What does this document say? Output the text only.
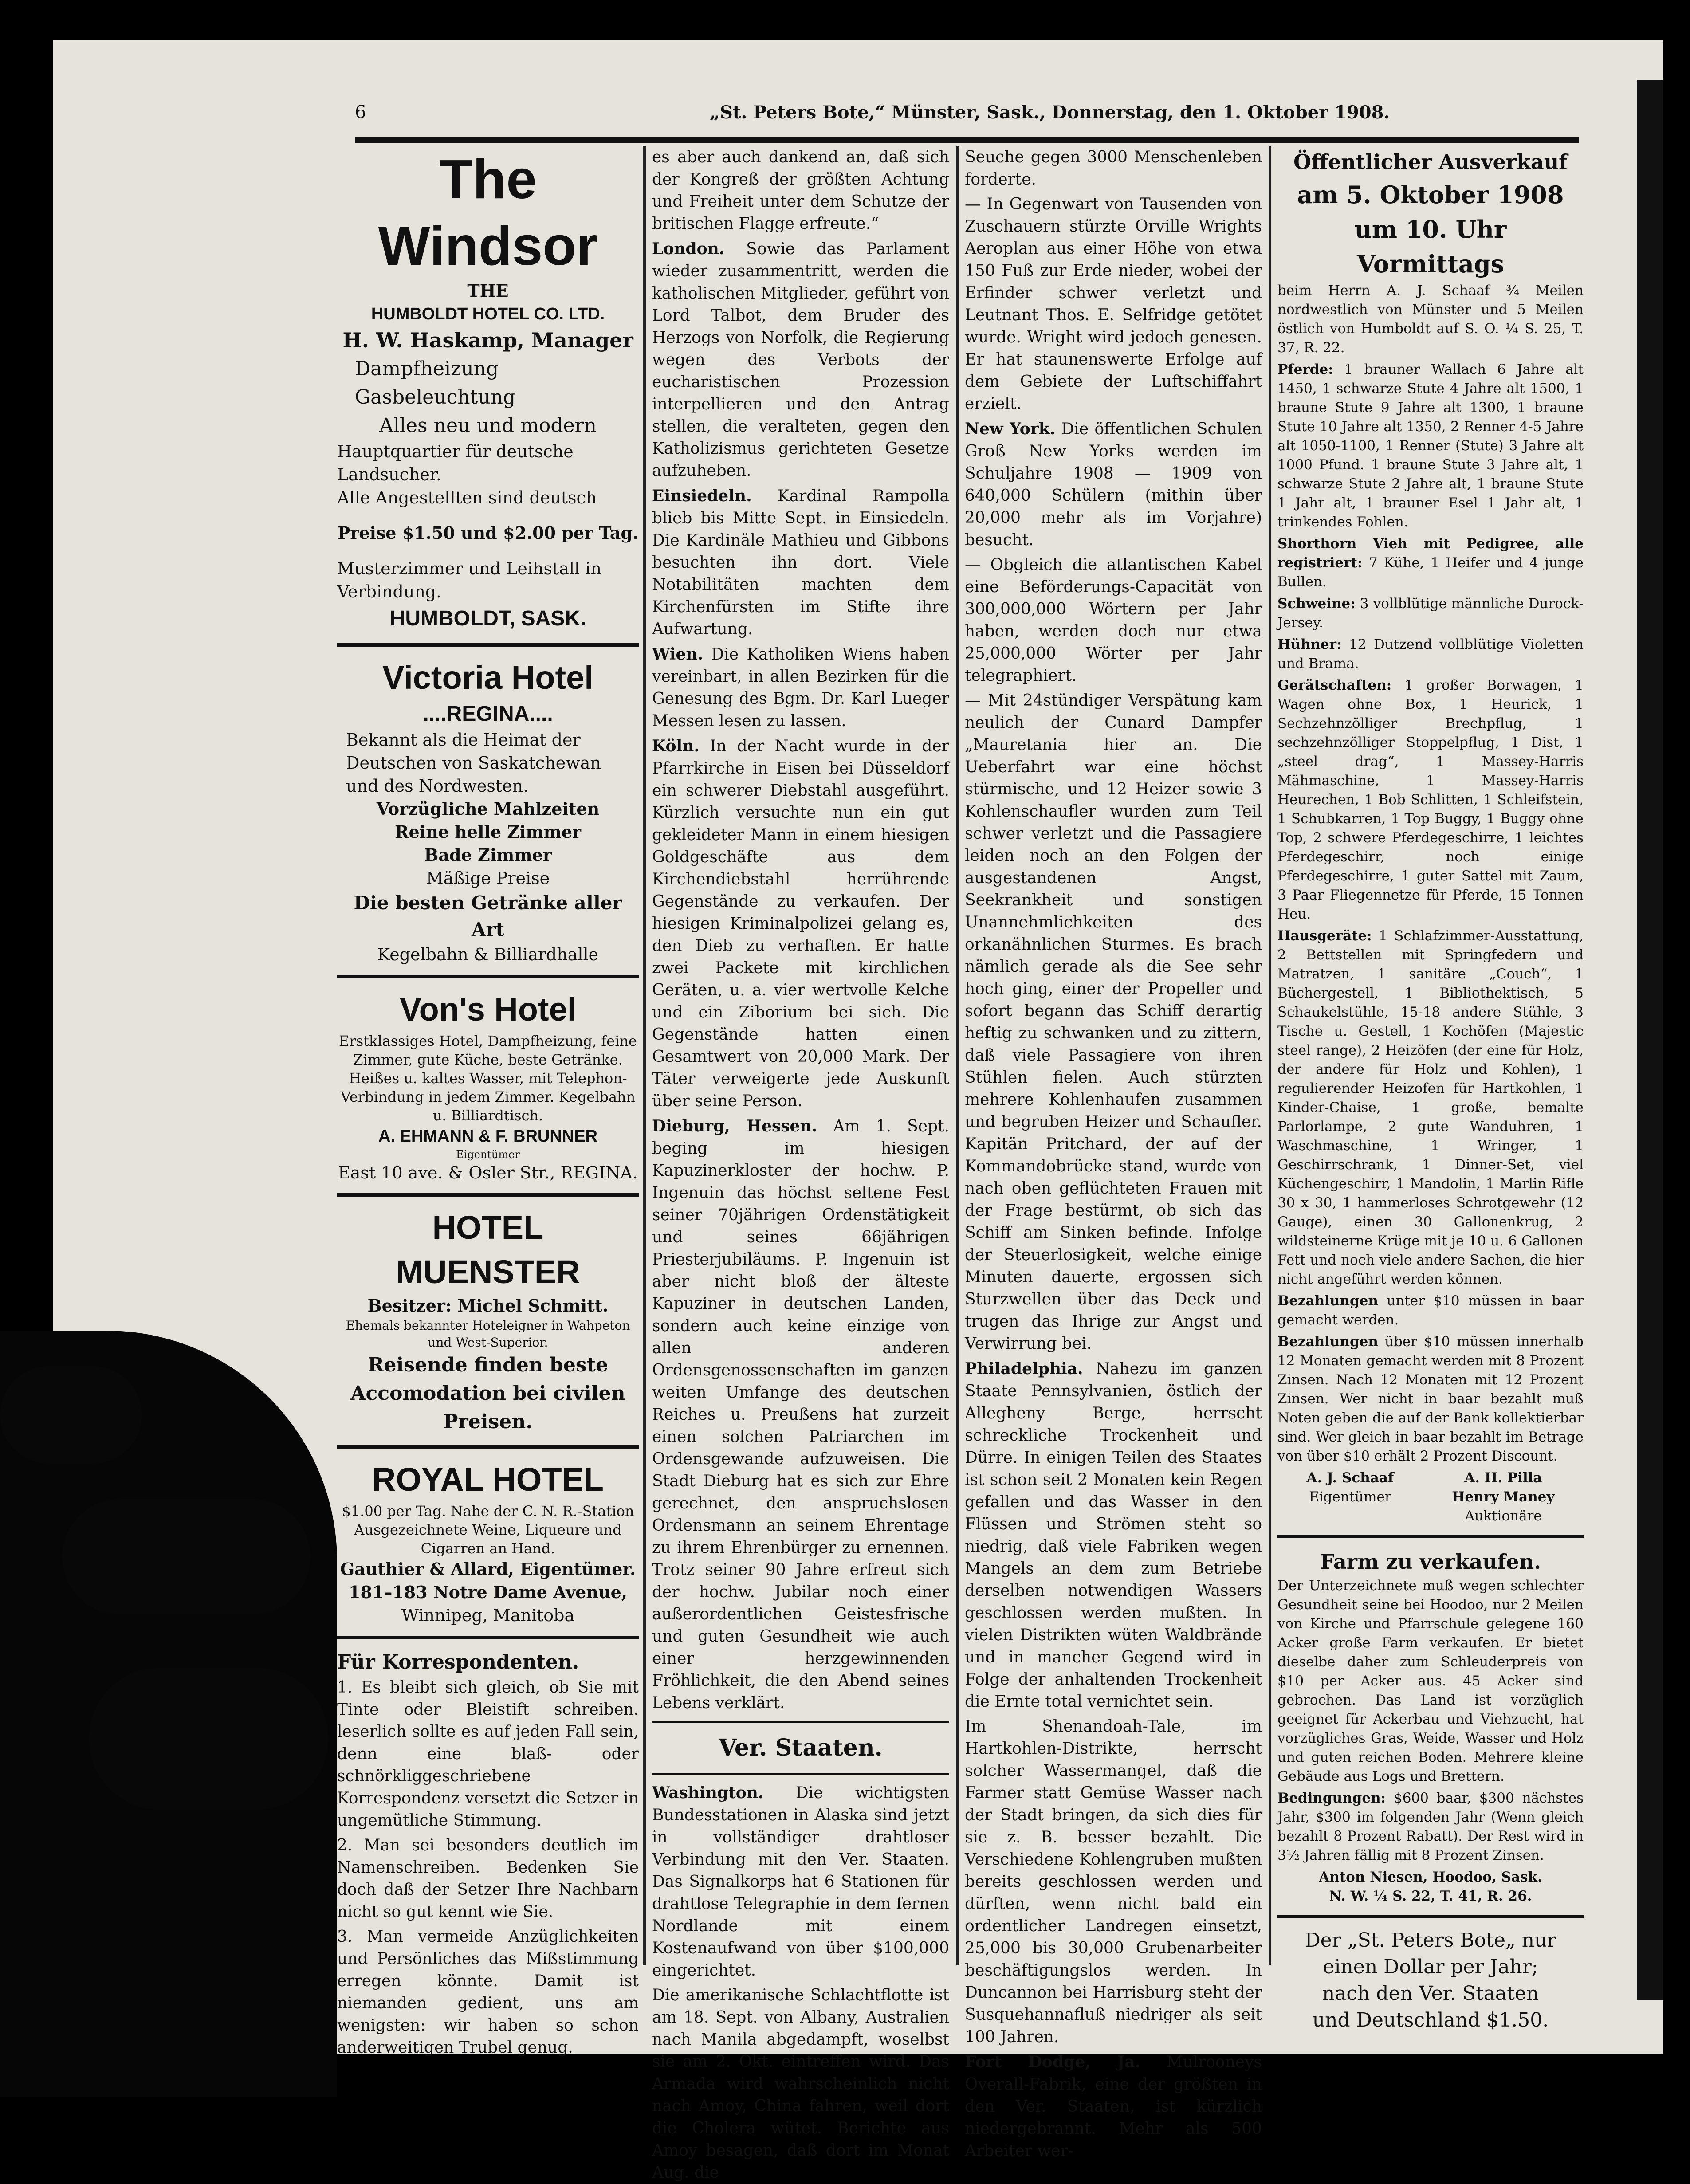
6	„St. Peters Bote,“ Münster, Sask., Donnerstag, den 1. Oktober 1908.
The Windsor
THE
HUMBOLDT HOTEL CO. LTD.
H. W. Haskamp, Manager
Dampfheizung
Gasbeleuchtung
Alles neu und modern
Hauptquartier für deutsche Landsucher.
Alle Angestellten sind deutsch
Preise $1.50 und $2.00 per Tag.
Musterzimmer und Leihstall in Verbindung.
HUMBOLDT, SASK.
Victoria Hotel
....REGINA....
Bekannt als die Heimat der Deutschen von Saskatchewan und des Nordwesten.
Vorzügliche Mahlzeiten
Reine helle Zimmer
Bade Zimmer
Mäßige Preise
Die besten Getränke aller Art
Kegelbahn & Billiardhalle
Von's Hotel
Erstklassiges Hotel, Dampfheizung, feine Zimmer, gute Küche, beste Getränke. Heißes u. kaltes Wasser, mit Telephon-Verbindung in jedem Zimmer. Kegelbahn u. Billiardtisch.
A. EHMANN & F. BRUNNER
Eigentümer
East 10 ave. & Osler Str., REGINA.
HOTEL MUENSTER
Besitzer: Michel Schmitt.
Ehemals bekannter Hoteleigner in Wahpeton und West-Superior.
Reisende finden beste Accomodation bei civilen Preisen.
ROYAL HOTEL
$1.00 per Tag. Nahe der C. N. R.-Station Ausgezeichnete Weine, Liqueure und Cigarren an Hand.
Gauthier & Allard, Eigentümer.
181–183 Notre Dame Avenue,
Winnipeg, Manitoba
Für Korrespondenten.

1. Es bleibt sich gleich, ob Sie mit Tinte oder Bleistift schreiben. leserlich sollte es auf jeden Fall sein, denn eine blaß- oder schnörkliggeschriebene Korrespondenz versetzt die Setzer in ungemütliche Stimmung.

2. Man sei besonders deutlich im Namenschreiben. Bedenken Sie doch daß der Setzer Ihre Nachbarn nicht so gut kennt wie Sie.

3. Man vermeide Anzüglichkeiten und Persönliches das Mißstimmung erregen könnte. Damit ist niemanden gedient, uns am wenigsten: wir haben so schon anderweitigen Trubel genug.

es aber auch dankend an, daß sich der Kongreß der größten Achtung und Freiheit unter dem Schutze der britischen Flagge erfreute.“

London. Sowie das Parlament wieder zusammentritt, werden die katholischen Mitglieder, geführt von Lord Talbot, dem Bruder des Herzogs von Norfolk, die Regierung wegen des Verbots der eucharistischen Prozession interpellieren und den Antrag stellen, die veralteten, gegen den Katholizismus gerichteten Gesetze aufzuheben.

Einsiedeln. Kardinal Rampolla blieb bis Mitte Sept. in Einsiedeln. Die Kardinäle Mathieu und Gibbons besuchten ihn dort. Viele Notabilitäten machten dem Kirchenfürsten im Stifte ihre Aufwartung.

Wien. Die Katholiken Wiens haben vereinbart, in allen Bezirken für die Genesung des Bgm. Dr. Karl Lueger Messen lesen zu lassen.

Köln. In der Nacht wurde in der Pfarrkirche in Eisen bei Düsseldorf ein schwerer Diebstahl ausgeführt. Kürzlich versuchte nun ein gut gekleideter Mann in einem hiesigen Goldgeschäfte aus dem Kirchendiebstahl herrührende Gegenstände zu verkaufen. Der hiesigen Kriminalpolizei gelang es, den Dieb zu verhaften. Er hatte zwei Packete mit kirchlichen Geräten, u. a. vier wertvolle Kelche und ein Ziborium bei sich. Die Gegenstände hatten einen Gesamtwert von 20,000 Mark. Der Täter verweigerte jede Auskunft über seine Person.

Dieburg, Hessen. Am 1. Sept. beging im hiesigen Kapuzinerkloster der hochw. P. Ingenuin das höchst seltene Fest seiner 70jährigen Ordenstätigkeit und seines 66jährigen Priesterjubiläums. P. Ingenuin ist aber nicht bloß der älteste Kapuziner in deutschen Landen, sondern auch keine einzige von allen anderen Ordensgenossenschaften im ganzen weiten Umfange des deutschen Reiches u. Preußens hat zurzeit einen solchen Patriarchen im Ordensgewande aufzuweisen. Die Stadt Dieburg hat es sich zur Ehre gerechnet, den anspruchslosen Ordensmann an seinem Ehrentage zu ihrem Ehrenbürger zu ernennen. Trotz seiner 90 Jahre erfreut sich der hochw. Jubilar noch einer außerordentlichen Geistesfrische und guten Gesundheit wie auch einer herzgewinnenden Fröhlichkeit, die den Abend seines Lebens verklärt.

Ver. Staaten.

Washington. Die wichtigsten Bundesstationen in Alaska sind jetzt in vollständiger drahtloser Verbindung mit den Ver. Staaten. Das Signalkorps hat 6 Stationen für drahtlose Telegraphie in dem fernen Nordlande mit einem Kostenaufwand von über $100,000 eingerichtet.

Die amerikanische Schlachtflotte ist am 18. Sept. von Albany, Australien nach Manila abgedampft, woselbst sie am 2. Okt. eintreffen wird. Das Armada wird wahrscheinlich nicht nach Amoy, China fahren, weil dort die Cholera wütet. Berichte aus Amoy besagen, daß dort im Monat Aug. die

Seuche gegen 3000 Menschenleben forderte.

— In Gegenwart von Tausenden von Zuschauern stürzte Orville Wrights Aeroplan aus einer Höhe von etwa 150 Fuß zur Erde nieder, wobei der Erfinder schwer verletzt und Leutnant Thos. E. Selfridge getötet wurde. Wright wird jedoch genesen. Er hat staunenswerte Erfolge auf dem Gebiete der Luftschiffahrt erzielt.

New York. Die öffentlichen Schulen Groß New Yorks werden im Schuljahre 1908 — 1909 von 640,000 Schülern (mithin über 20,000 mehr als im Vorjahre) besucht.

— Obgleich die atlantischen Kabel eine Beförderungs-Capacität von 300,000,000 Wörtern per Jahr haben, werden doch nur etwa 25,000,000 Wörter per Jahr telegraphiert.

— Mit 24stündiger Verspätung kam neulich der Cunard Dampfer „Mauretania hier an. Die Ueberfahrt war eine höchst stürmische, und 12 Heizer sowie 3 Kohlenschaufler wurden zum Teil schwer verletzt und die Passagiere leiden noch an den Folgen der ausgestandenen Angst, Seekrankheit und sonstigen Unannehmlichkeiten des orkanähnlichen Sturmes. Es brach nämlich gerade als die See sehr hoch ging, einer der Propeller und sofort begann das Schiff derartig heftig zu schwanken und zu zittern, daß viele Passagiere von ihren Stühlen fielen. Auch stürzten mehrere Kohlenhaufen zusammen und begruben Heizer und Schaufler. Kapitän Pritchard, der auf der Kommandobrücke stand, wurde von nach oben geflüchteten Frauen mit der Frage bestürmt, ob sich das Schiff am Sinken befinde. Infolge der Steuerlosigkeit, welche einige Minuten dauerte, ergossen sich Sturzwellen über das Deck und trugen das Ihrige zur Angst und Verwirrung bei.

Philadelphia. Nahezu im ganzen Staate Pennsylvanien, östlich der Allegheny Berge, herrscht schreckliche Trockenheit und Dürre. In einigen Teilen des Staates ist schon seit 2 Monaten kein Regen gefallen und das Wasser in den Flüssen und Strömen steht so niedrig, daß viele Fabriken wegen Mangels an dem zum Betriebe derselben notwendigen Wassers geschlossen werden mußten. In vielen Distrikten wüten Waldbrände und in mancher Gegend wird in Folge der anhaltenden Trockenheit die Ernte total vernichtet sein.

Im Shenandoah-Tale, im Hartkohlen-Distrikte, herrscht solcher Wassermangel, daß die Farmer statt Gemüse Wasser nach der Stadt bringen, da sich dies für sie z. B. besser bezahlt. Die Verschiedene Kohlengruben mußten bereits geschlossen werden und dürften, wenn nicht bald ein ordentlicher Landregen einsetzt, 25,000 bis 30,000 Grubenarbeiter beschäftigungslos werden. In Duncannon bei Harrisburg steht der Susquehannafluß niedriger als seit 100 Jahren.

Fort Dodge, Ja. Mulrooneys Overall-Fabrik, eine der größten in den Ver. Staaten, ist kürzlich niedergebrannt. Mehr als 500 Arbeiter wer-

Öffentlicher Ausverkauf
am 5. Oktober 1908
um 10. Uhr Vormittags

beim Herrn A. J. Schaaf ¾ Meilen nordwestlich von Münster und 5 Meilen östlich von Humboldt auf S. O. ¼ S. 25, T. 37, R. 22.

Pferde: 1 brauner Wallach 6 Jahre alt 1450, 1 schwarze Stute 4 Jahre alt 1500, 1 braune Stute 9 Jahre alt 1300, 1 braune Stute 10 Jahre alt 1350, 2 Renner 4-5 Jahre alt 1050-1100, 1 Renner (Stute) 3 Jahre alt 1000 Pfund. 1 braune Stute 3 Jahre alt, 1 schwarze Stute 2 Jahre alt, 1 braune Stute 1 Jahr alt, 1 brauner Esel 1 Jahr alt, 1 trinkendes Fohlen.

Shorthorn Vieh mit Pedigree, alle registriert: 7 Kühe, 1 Heifer und 4 junge Bullen.

Schweine: 3 vollblütige männliche Durock-Jersey.

Hühner: 12 Dutzend vollblütige Violetten und Brama.

Gerätschaften: 1 großer Borwagen, 1 Wagen ohne Box, 1 Heurick, 1 Sechzehnzölliger Brechpflug, 1 sechzehnzölliger Stoppelpflug, 1 Dist, 1 „steel drag“, 1 Massey-Harris Mähmaschine, 1 Massey-Harris Heurechen, 1 Bob Schlitten, 1 Schleifstein, 1 Schubkarren, 1 Top Buggy, 1 Buggy ohne Top, 2 schwere Pferdegeschirre, 1 leichtes Pferdegeschirr, noch einige Pferdegeschirre, 1 guter Sattel mit Zaum, 3 Paar Fliegennetze für Pferde, 15 Tonnen Heu.

Hausgeräte: 1 Schlafzimmer-Ausstattung, 2 Bettstellen mit Springfedern und Matratzen, 1 sanitäre „Couch“, 1 Büchergestell, 1 Bibliothektisch, 5 Schaukelstühle, 15-18 andere Stühle, 3 Tische u. Gestell, 1 Kochöfen (Majestic steel range), 2 Heizöfen (der eine für Holz, der andere für Holz und Kohlen), 1 regulierender Heizofen für Hartkohlen, 1 Kinder-Chaise, 1 große, bemalte Parlorlampe, 2 gute Wanduhren, 1 Waschmaschine, 1 Wringer, 1 Geschirrschrank, 1 Dinner-Set, viel Küchengeschirr, 1 Mandolin, 1 Marlin Rifle 30 x 30, 1 hammerloses Schrotgewehr (12 Gauge), einen 30 Gallonenkrug, 2 wildsteinerne Krüge mit je 10 u. 6 Gallonen Fett und noch viele andere Sachen, die hier nicht angeführt werden können.

Bezahlungen unter $10 müssen in baar gemacht werden.

Bezahlungen über $10 müssen innerhalb 12 Monaten gemacht werden mit 8 Prozent Zinsen. Nach 12 Monaten mit 12 Prozent Zinsen. Wer nicht in baar bezahlt muß Noten geben die auf der Bank kollektierbar sind. Wer gleich in baar bezahlt im Betrage von über $10 erhält 2 Prozent Discount.

A. J. Schaaf
Eigentümer
A. H. Pilla
Henry Maney
Auktionäre
Farm zu verkaufen.

Der Unterzeichnete muß wegen schlechter Gesundheit seine bei Hoodoo, nur 2 Meilen von Kirche und Pfarrschule gelegene 160 Acker große Farm verkaufen. Er bietet dieselbe daher zum Schleuderpreis von $10 per Acker aus. 45 Acker sind gebrochen. Das Land ist vorzüglich geeignet für Ackerbau und Viehzucht, hat vorzügliches Gras, Weide, Wasser und Holz und guten reichen Boden. Mehrere kleine Gebäude aus Logs und Brettern.

Bedingungen: $600 baar, $300 nächstes Jahr, $300 im folgenden Jahr (Wenn gleich bezahlt 8 Prozent Rabatt). Der Rest wird in 3½ Jahren fällig mit 8 Prozent Zinsen.

Anton Niesen, Hoodoo, Sask.
N. W. ¼ S. 22, T. 41, R. 26.
Der „St. Peters Bote„ nur einen Dollar per Jahr; nach den Ver. Staaten und Deutschland $1.50.
